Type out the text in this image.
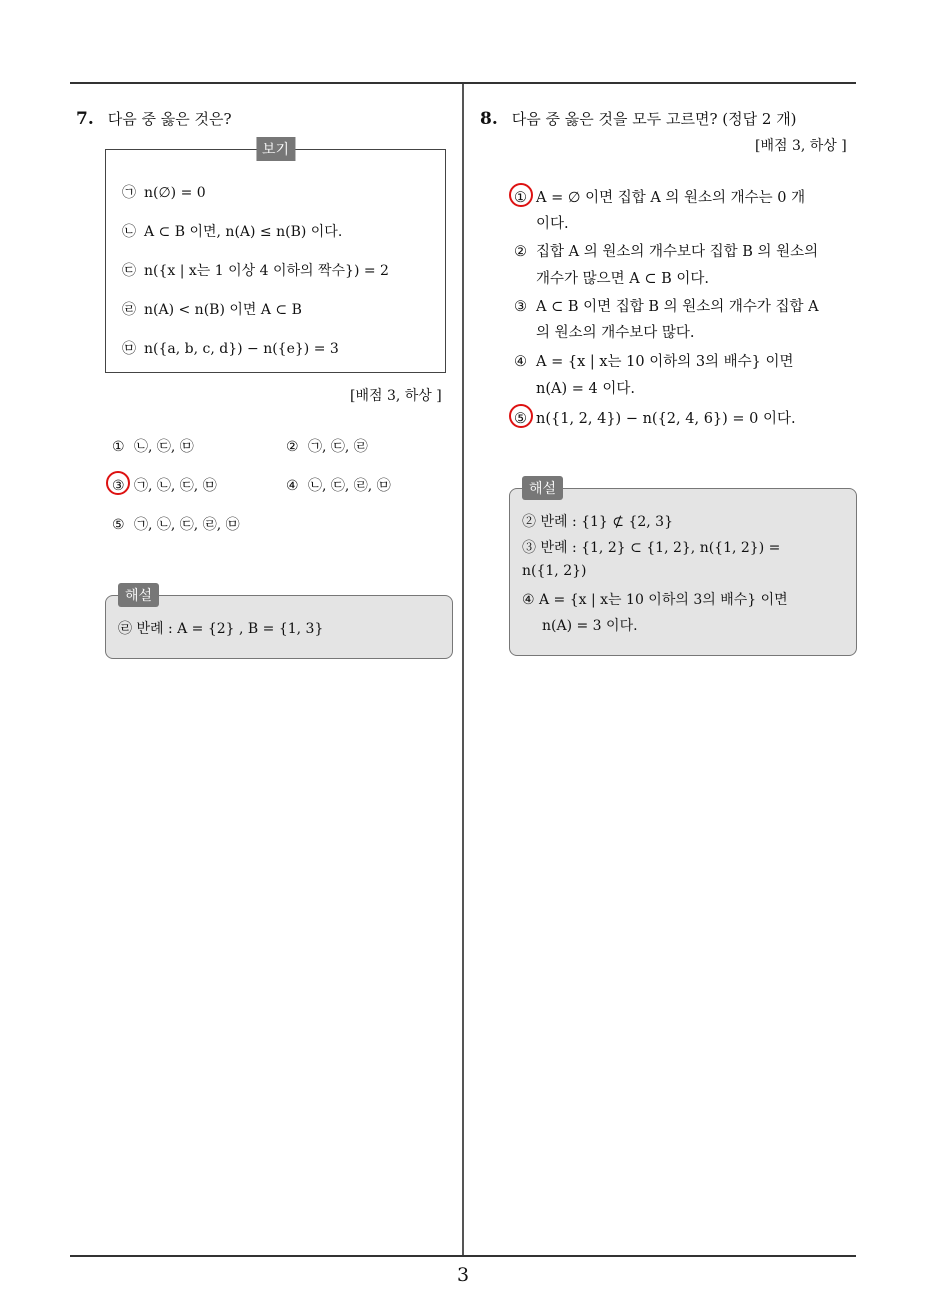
7. 다음 중 옳은 것은?
보기
㉠ n(∅) = 0
㉡ A ⊂ B 이면, n(A) ≤ n(B) 이다.
㉢ n({x | x는 1 이상 4 이하의 짝수}) = 2
㉣ n(A) < n(B) 이면 A ⊂ B
㉤ n({a, b, c, d}) − n({e}) = 3
[배점 3, 하상 ]
① ㉡, ㉢, ㉤	② ㉠, ㉢, ㉣
③ ㉠, ㉡, ㉢, ㉤	④ ㉡, ㉢, ㉣, ㉤
⑤ ㉠, ㉡, ㉢, ㉣, ㉤
해설
㉣ 반례 : A = {2} , B = {1, 3}
8. 다음 중 옳은 것을 모두 고르면? (정답 2 개)
[배점 3, 하상 ]
① A = ∅ 이면 집합 A 의 원소의 개수는 0 개
이다.
② 집합 A 의 원소의 개수보다 집합 B 의 원소의
개수가 많으면 A ⊂ B 이다.
③ A ⊂ B 이면 집합 B 의 원소의 개수가 집합 A
의 원소의 개수보다 많다.
④ A = {x | x는 10 이하의 3의 배수} 이면
n(A) = 4 이다.
⑤ n({1, 2, 4}) − n({2, 4, 6}) = 0 이다.
해설
② 반례 : {1} ⊄ {2, 3}
③ 반례 : {1, 2} ⊂ {1, 2}, n({1, 2}) =
n({1, 2})
④ A = {x | x는 10 이하의 3의 배수} 이면
n(A) = 3 이다.
3
